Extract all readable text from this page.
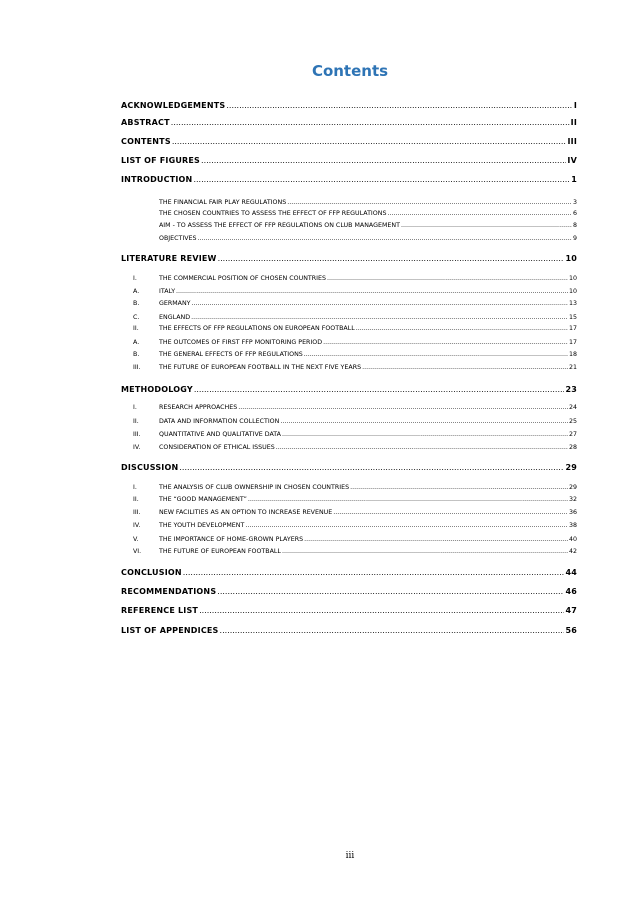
Contents
ACKNOWLEDGEMENTS .....	I
ABSTRACT .....	II
CONTENTS .....	III
LIST OF FIGURES .....	IV
INTRODUCTION .....	1
THE FINANCIAL FAIR PLAY REGULATIONS .....	3
THE CHOSEN COUNTRIES TO ASSESS THE EFFECT OF FFP REGULATIONS .....	6
AIM - TO ASSESS THE EFFECT OF FFP REGULATIONS ON CLUB MANAGEMENT .....	8
OBJECTIVES .....	9
LITERATURE REVIEW .....	10
I.	THE COMMERCIAL POSITION OF CHOSEN COUNTRIES .....	10
A.	ITALY .....	10
B.	GERMANY .....	13
C.	ENGLAND .....	15
II.	THE EFFECTS OF FFP REGULATIONS ON EUROPEAN FOOTBALL .....	17
A.	THE OUTCOMES OF FIRST FFP MONITORING PERIOD .....	17
B.	THE GENERAL EFFECTS OF FFP REGULATIONS .....	18
III.	THE FUTURE OF EUROPEAN FOOTBALL IN THE NEXT FIVE YEARS .....	21
METHODOLOGY .....	23
I.	RESEARCH APPROACHES .....	24
II.	DATA AND INFORMATION COLLECTION .....	25
III.	QUANTITATIVE AND QUALITATIVE DATA .....	27
IV.	CONSIDERATION OF ETHICAL ISSUES .....	28
DISCUSSION .....	29
I.	THE ANALYSIS OF CLUB OWNERSHIP IN CHOSEN COUNTRIES .....	29
II.	THE “GOOD MANAGEMENT” .....	32
III.	NEW FACILITIES AS AN OPTION TO INCREASE REVENUE .....	36
IV.	THE YOUTH DEVELOPMENT .....	38
V.	THE IMPORTANCE OF HOME-GROWN PLAYERS .....	40
VI.	THE FUTURE OF EUROPEAN FOOTBALL .....	42
CONCLUSION .....	44
RECOMMENDATIONS .....	46
REFERENCE LIST .....	47
LIST OF APPENDICES .....	56
iii
